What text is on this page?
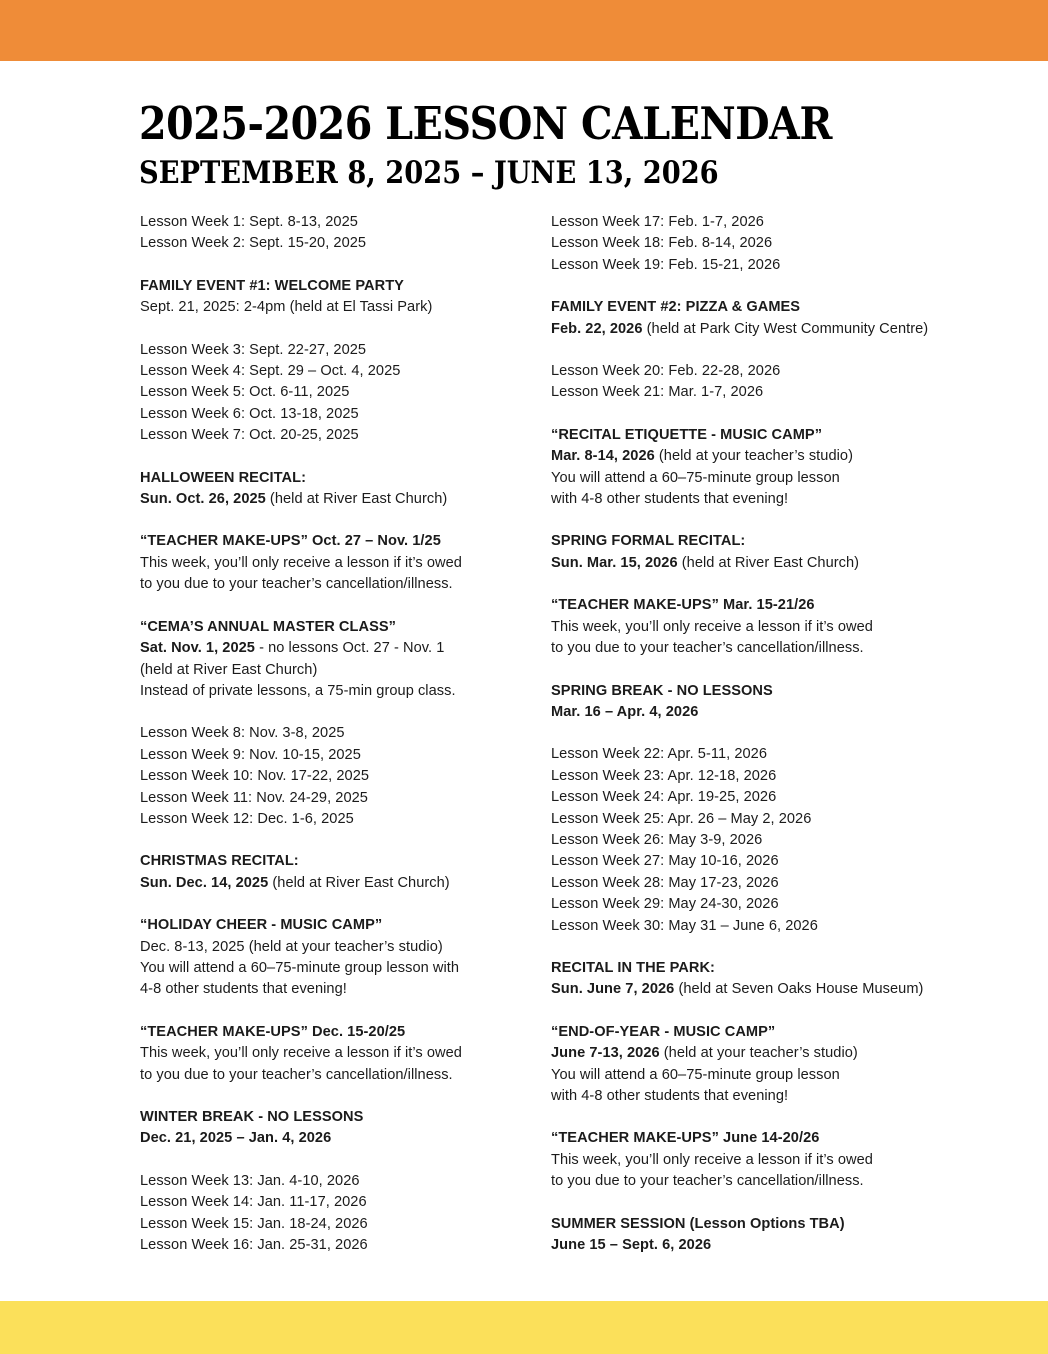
2025-2026 LESSON CALENDAR
SEPTEMBER 8, 2025 – JUNE 13, 2026
Lesson Week 1: Sept. 8-13, 2025
Lesson Week 2: Sept. 15-20, 2025
FAMILY EVENT #1: WELCOME PARTY
Sept. 21, 2025: 2-4pm (held at El Tassi Park)
Lesson Week 3: Sept. 22-27, 2025
Lesson Week 4: Sept. 29 – Oct. 4, 2025
Lesson Week 5: Oct. 6-11, 2025
Lesson Week 6: Oct. 13-18, 2025
Lesson Week 7: Oct. 20-25, 2025
HALLOWEEN RECITAL:
Sun. Oct. 26, 2025 (held at River East Church)
“TEACHER MAKE-UPS” Oct. 27 – Nov. 1/25
This week, you’ll only receive a lesson if it’s owed
to you due to your teacher’s cancellation/illness.
“CEMA’S ANNUAL MASTER CLASS”
Sat. Nov. 1, 2025 - no lessons Oct. 27 - Nov. 1
(held at River East Church)
Instead of private lessons, a 75-min group class.
Lesson Week 8: Nov. 3-8, 2025
Lesson Week 9: Nov. 10-15, 2025
Lesson Week 10: Nov. 17-22, 2025
Lesson Week 11: Nov. 24-29, 2025
Lesson Week 12: Dec. 1-6, 2025
CHRISTMAS RECITAL:
Sun. Dec. 14, 2025 (held at River East Church)
“HOLIDAY CHEER - MUSIC CAMP”
Dec. 8-13, 2025 (held at your teacher’s studio)
You will attend a 60–75-minute group lesson with
4-8 other students that evening!
“TEACHER MAKE-UPS” Dec. 15-20/25
This week, you’ll only receive a lesson if it’s owed
to you due to your teacher’s cancellation/illness.
WINTER BREAK - NO LESSONS
Dec. 21, 2025 – Jan. 4, 2026
Lesson Week 13: Jan. 4-10, 2026
Lesson Week 14: Jan. 11-17, 2026
Lesson Week 15: Jan. 18-24, 2026
Lesson Week 16: Jan. 25-31, 2026
Lesson Week 17: Feb. 1-7, 2026
Lesson Week 18: Feb. 8-14, 2026
Lesson Week 19: Feb. 15-21, 2026
FAMILY EVENT #2: PIZZA & GAMES
Feb. 22, 2026 (held at Park City West Community Centre)
Lesson Week 20: Feb. 22-28, 2026
Lesson Week 21: Mar. 1-7, 2026
“RECITAL ETIQUETTE - MUSIC CAMP”
Mar. 8-14, 2026 (held at your teacher’s studio)
You will attend a 60–75-minute group lesson
with 4-8 other students that evening!
SPRING FORMAL RECITAL:
Sun. Mar. 15, 2026 (held at River East Church)
“TEACHER MAKE-UPS” Mar. 15-21/26
This week, you’ll only receive a lesson if it’s owed
to you due to your teacher’s cancellation/illness.
SPRING BREAK - NO LESSONS
Mar. 16 – Apr. 4, 2026
Lesson Week 22: Apr. 5-11, 2026
Lesson Week 23: Apr. 12-18, 2026
Lesson Week 24: Apr. 19-25, 2026
Lesson Week 25: Apr. 26 – May 2, 2026
Lesson Week 26: May 3-9, 2026
Lesson Week 27: May 10-16, 2026
Lesson Week 28: May 17-23, 2026
Lesson Week 29: May 24-30, 2026
Lesson Week 30: May 31 – June 6, 2026
RECITAL IN THE PARK:
Sun. June 7, 2026 (held at Seven Oaks House Museum)
“END-OF-YEAR - MUSIC CAMP”
June 7-13, 2026 (held at your teacher’s studio)
You will attend a 60–75-minute group lesson
with 4-8 other students that evening!
“TEACHER MAKE-UPS” June 14-20/26
This week, you’ll only receive a lesson if it’s owed
to you due to your teacher’s cancellation/illness.
SUMMER SESSION (Lesson Options TBA)
June 15 – Sept. 6, 2026
